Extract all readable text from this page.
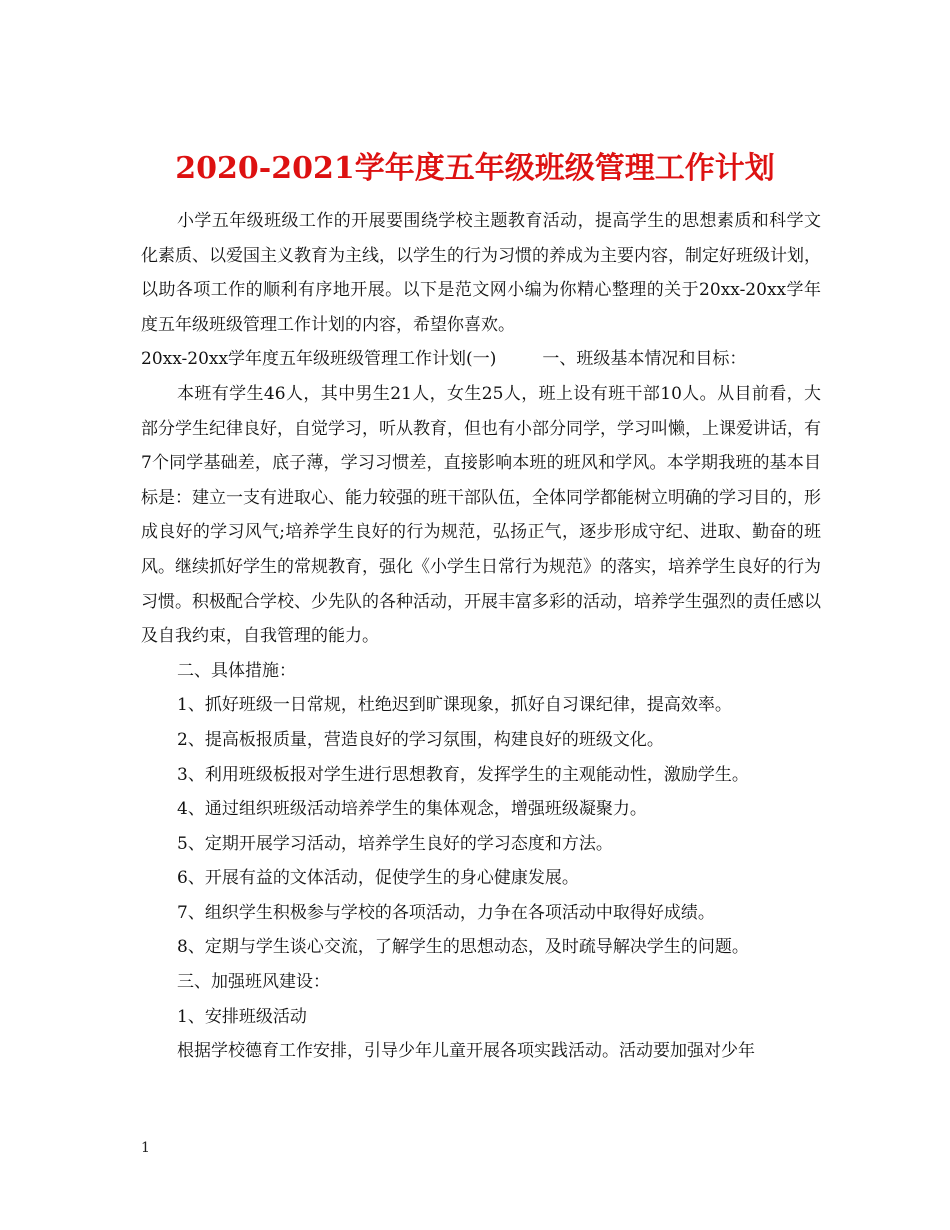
2020-2021学年度五年级班级管理工作计划

小学五年级班级工作的开展要围绕学校主题教育活动，提高学生的思想素质和科学文化素质、以爱国主义教育为主线，以学生的行为习惯的养成为主要内容，制定好班级计划，以助各项工作的顺利有序地开展。以下是范文网小编为你精心整理的关于20xx-20xx学年度五年级班级管理工作计划的内容，希望你喜欢。

20xx-20xx学年度五年级班级管理工作计划(一)	一、班级基本情况和目标：

本班有学生46人，其中男生21人，女生25人，班上设有班干部10人。从目前看，大部分学生纪律良好，自觉学习，听从教育，但也有小部分同学，学习叫懒，上课爱讲话，有7个同学基础差，底子薄，学习习惯差，直接影响本班的班风和学风。本学期我班的基本目标是：建立一支有进取心、能力较强的班干部队伍，全体同学都能树立明确的学习目的，形成良好的学习风气;培养学生良好的行为规范，弘扬正气，逐步形成守纪、进取、勤奋的班风。继续抓好学生的常规教育，强化《小学生日常行为规范》的落实，培养学生良好的行为习惯。积极配合学校、少先队的各种活动，开展丰富多彩的活动，培养学生强烈的责任感以及自我约束，自我管理的能力。

二、具体措施：

1、抓好班级一日常规，杜绝迟到旷课现象，抓好自习课纪律，提高效率。

2、提高板报质量，营造良好的学习氛围，构建良好的班级文化。

3、利用班级板报对学生进行思想教育，发挥学生的主观能动性，激励学生。

4、通过组织班级活动培养学生的集体观念，增强班级凝聚力。

5、定期开展学习活动，培养学生良好的学习态度和方法。

6、开展有益的文体活动，促使学生的身心健康发展。

7、组织学生积极参与学校的各项活动，力争在各项活动中取得好成绩。

8、定期与学生谈心交流，了解学生的思想动态，及时疏导解决学生的问题。

三、加强班风建设：

1、安排班级活动

根据学校德育工作安排，引导少年儿童开展各项实践活动。活动要加强对少年

1
